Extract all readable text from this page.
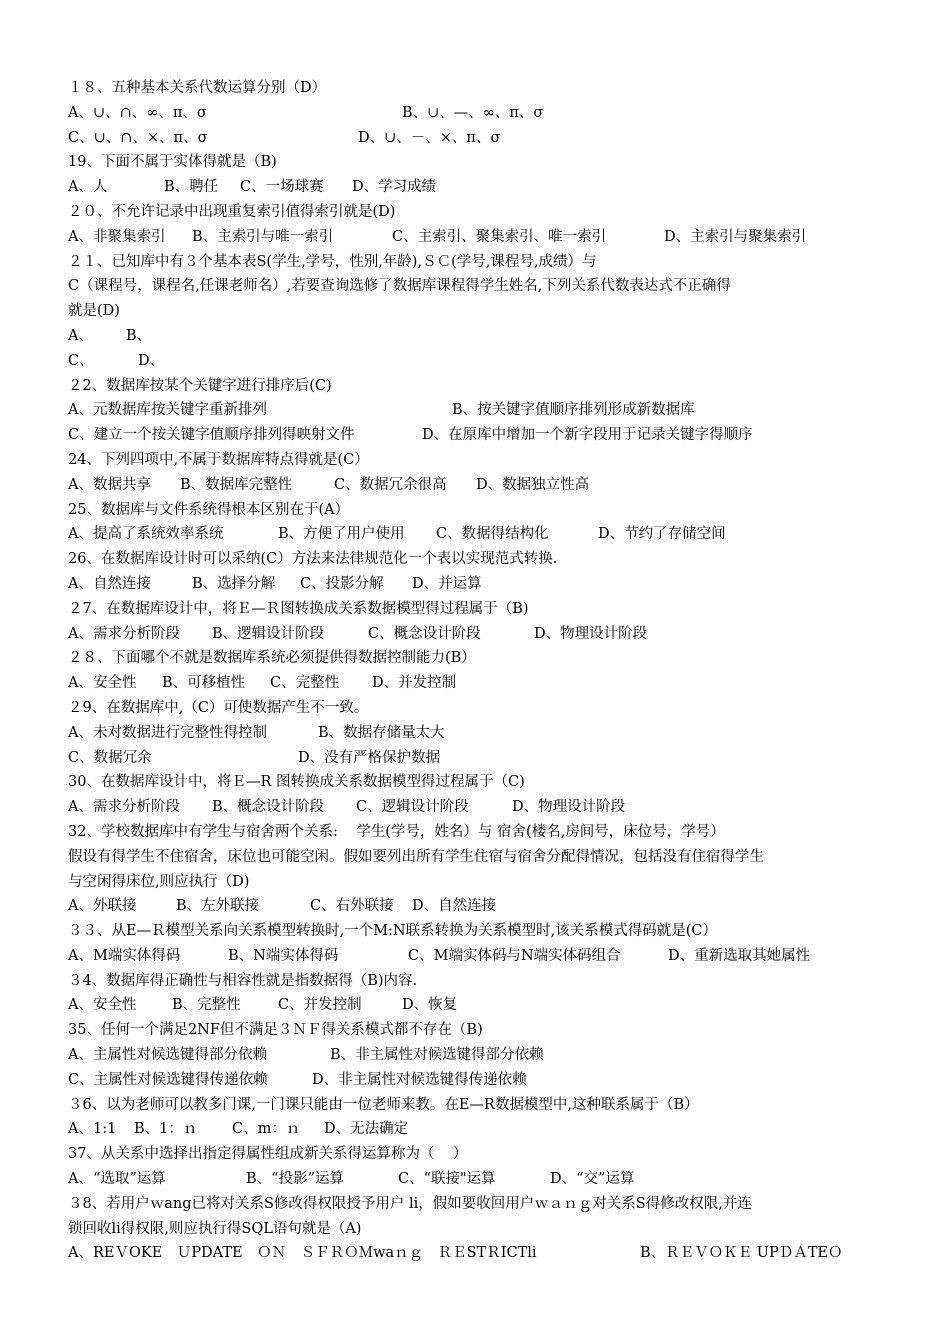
１８、五种基本关系代数运算分别（D）
A、∪、∩、∞、π、σ	B、∪、—、∞、π、σ
C、∪、∩、×、π、σ	D、∪、－、×、π、σ
19、下面不属于实体得就是（B)
A、人	B、聘任 C、一场球赛 D、学习成绩
２０、不允许记录中出现重复索引值得索引就是(D)
A、非聚集索引 B、主索引与唯一索引	C、主索引、聚集索引、唯一索引	D、主索引与聚集索引
２１、已知库中有３个基本表S(学生,学号，性别,年龄),ＳＣ(学号,课程号,成绩）与
C（课程号，课程名,任课老师名）,若要查询选修了数据库课程得学生姓名,下列关系代数表达式不正确得
就是(D)
A、 B、
C、	D、
２2、数据库按某个关键字进行排序后(C)
A、元数据库按关键字重新排列	B、按关键字值顺序排列形成新数据库
C、建立一个按关键字值顺序排列得映射文件	D、在原库中增加一个新字段用于记录关键字得顺序
24、下列四项中,不属于数据库特点得就是(C）
A、数据共享 B、数据库完整性	C、数据冗余很高 D、数据独立性高
25、数据库与文件系统得根本区别在于(A）
A、提高了系统效率系统	B、方便了用户使用 C、数据得结构化	D、节约了存储空间
26、在数据库设计时可以采纳(C）方法来法律规范化一个表以实现范式转换.
A、自然连接	B、选择分解 C、投影分解 D、并运算
２7、在数据库设计中，将Ｅ—Ｒ图转换成关系数据模型得过程属于（B)
A、需求分析阶段 B、逻辑设计阶段	C、概念设计阶段	D、物理设计阶段
２８、下面哪个不就是数据库系统必须提供得数据控制能力(B）
A、安全性 B、可移植性 C、完整性 D、并发控制
２9、在数据库中,（C）可使数据产生不一致。
A、未对数据进行完整性得控制	B、数据存储量太大
C、数据冗余	D、没有严格保护数据
30、在数据库设计中，将Ｅ—R 图转换成关系数据模型得过程属于（C)
A、需求分析阶段 B、概念设计阶段 C、逻辑设计阶段	D、物理设计阶段
32、学校数据库中有学生与宿舍两个关系:    学生(学号，姓名）与 宿舍(楼名,房间号，床位号，学号）
假设有得学生不住宿舍，床位也可能空闲。假如要列出所有学生住宿与宿舍分配得情况，包括没有住宿得学生
与空闲得床位,则应执行（D)
A、外联接	B、左外联接	C、右外联接 D、自然连接
３３、从E—Ｒ模型关系向关系模型转换时,一个M:N联系转换为关系模型时,该关系模式得码就是(C）
A、M端实体得码	B、N端实体得码	C、M端实体码与N端实体码组合	D、重新选取其她属性
３4、数据库得正确性与相容性就是指数据得（B)内容.
A、安全性 B、完整性	C、并发控制	D、恢复
35、任何一个满足2NF但不满足３ＮＦ得关系模式都不存在（B)
A、主属性对候选键得部分依赖	B、非主属性对候选键得部分依赖
C、主属性对候选键得传递依赖	D、非主属性对候选键得传递依赖
３6、以为老师可以教多门课,一门课只能由一位老师来教。在E—R数据模型中,这种联系属于（B）
A、1:1 B、1：ｎ C、m：ｎ D、无法确定
37、从关系中选择出指定得属性组成新关系得运算称为（    ）
A、“选取”运算	B、“投影”运算	C、“联接"运算	D、“交”运算
３8、若用户ｗang已将对关系S修改得权限授予用户 li，假如要收回用户ｗａｎｇ对关系S得修改权限,并连
锁回收li得权限,则应执行得SQL语句就是（A)
A、REＶOKE　ＵPDATE　ＯＮ　ＳＦＲＯＭwaｎｇ　ＲＥSTＲICTli	B、ＲＥＶＯＫＥ UPＤＡTEＯ
